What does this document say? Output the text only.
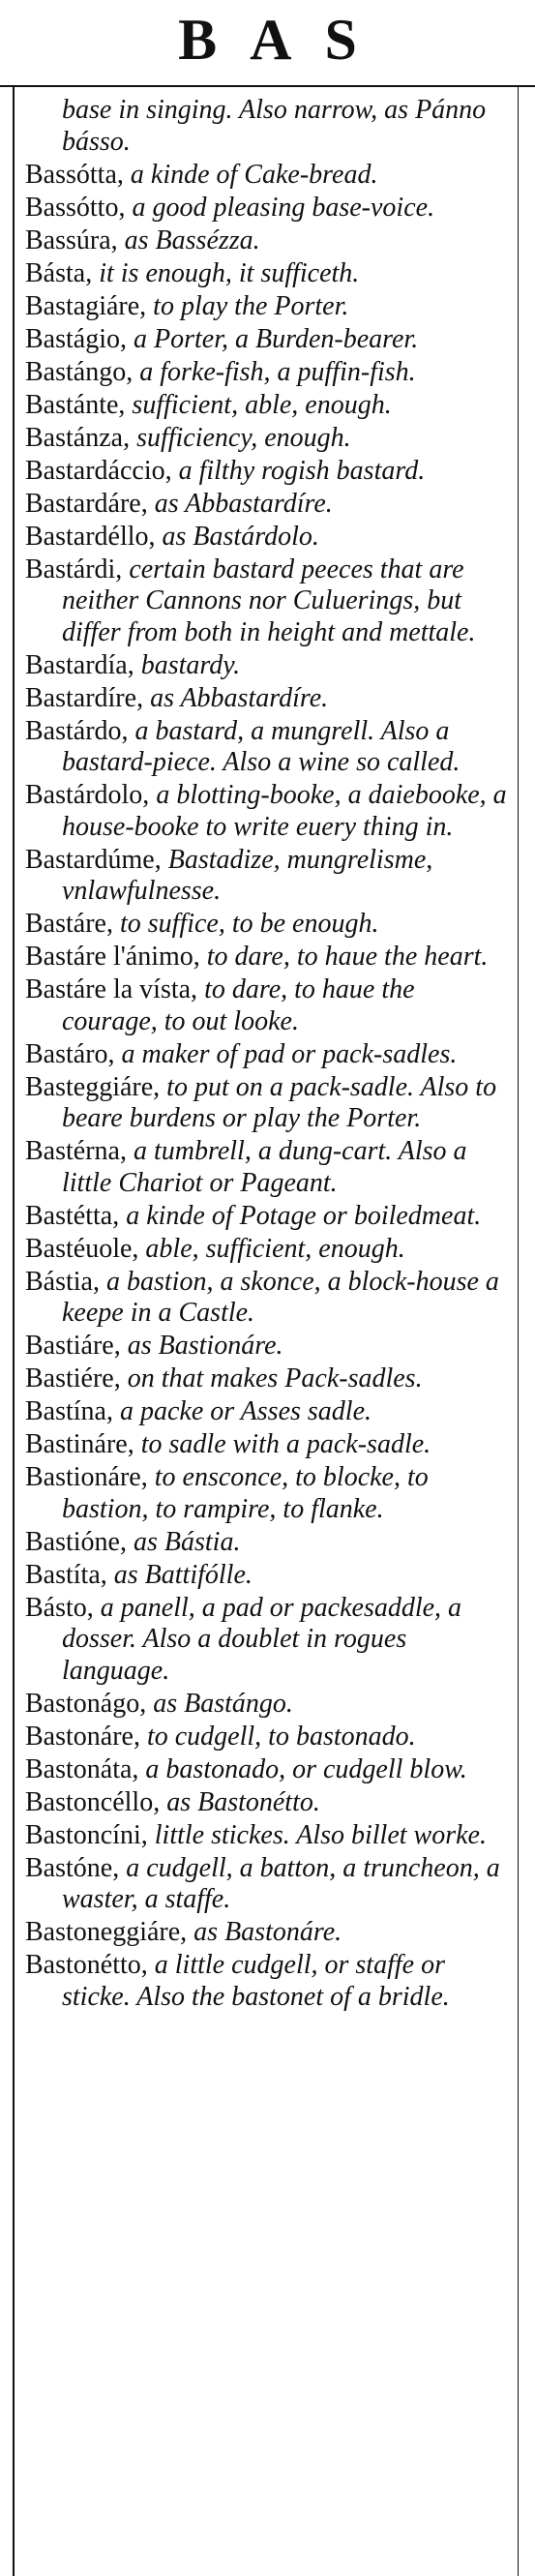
BAS
base in singing. Also narrow, as Pánno básso.
Bassótta, a kinde of Cake-bread.
Bassótto, a good pleasing base-voice.
Bassúra, as Bassézza.
Básta, it is enough, it sufficeth.
Bastagiáre, to play the Porter.
Bastágio, a Porter, a Burden-bearer.
Bastángo, a forke-fish, a puffin-fish.
Bastánte, sufficient, able, enough.
Bastánza, sufficiency, enough.
Bastardáccio, a filthy rogish bastard.
Bastardáre, as Abbastardíre.
Bastardéllo, as Bastárdolo.
Bastárdi, certain bastard peeces that are neither Cannons nor Culuerings, but differ from both in height and mettale.
Bastardía, bastardy.
Bastardíre, as Abbastardíre.
Bastárdo, a bastard, a mungrell. Also a bastard-piece. Also a wine so called.
Bastárdolo, a blotting-booke, a daiebooke, a house-booke to write euery thing in.
Bastardúme, Bastadize, mungrelisme, vnlawfulnesse.
Bastáre, to suffice, to be enough.
Bastáre l'ánimo, to dare, to haue the heart.
Bastáre la vísta, to dare, to haue the courage, to out looke.
Bastáro, a maker of pad or pack-sadles.
Basteggiáre, to put on a pack-sadle. Also to beare burdens or play the Porter.
Bastérna, a tumbrell, a dung-cart. Also a little Chariot or Pageant.
Bastétta, a kinde of Potage or boiledmeat.
Bastéuole, able, sufficient, enough.
Bástia, a bastion, a skonce, a block-house a keepe in a Castle.
Bastiáre, as Bastionáre.
Bastiére, on that makes Pack-sadles.
Bastína, a packe or Asses sadle.
Bastináre, to sadle with a pack-sadle.
Bastionáre, to ensconce, to blocke, to bastion, to rampire, to flanke.
Bastióne, as Bástia.
Bastíta, as Battifólle.
Básto, a panell, a pad or packesaddle, a dosser. Also a doublet in rogues language.
Bastonágo, as Bastángo.
Bastonáre, to cudgell, to bastonado.
Bastonáta, a bastonado, or cudgell blow.
Bastoncéllo, as Bastonétto.
Bastoncíni, little stickes. Also billet worke.
Bastóne, a cudgell, a batton, a truncheon, a waster, a staffe.
Bastoneggiáre, as Bastonáre.
Bastonétto, a little cudgell, or staffe or sticke. Also the bastonet of a bridle.
